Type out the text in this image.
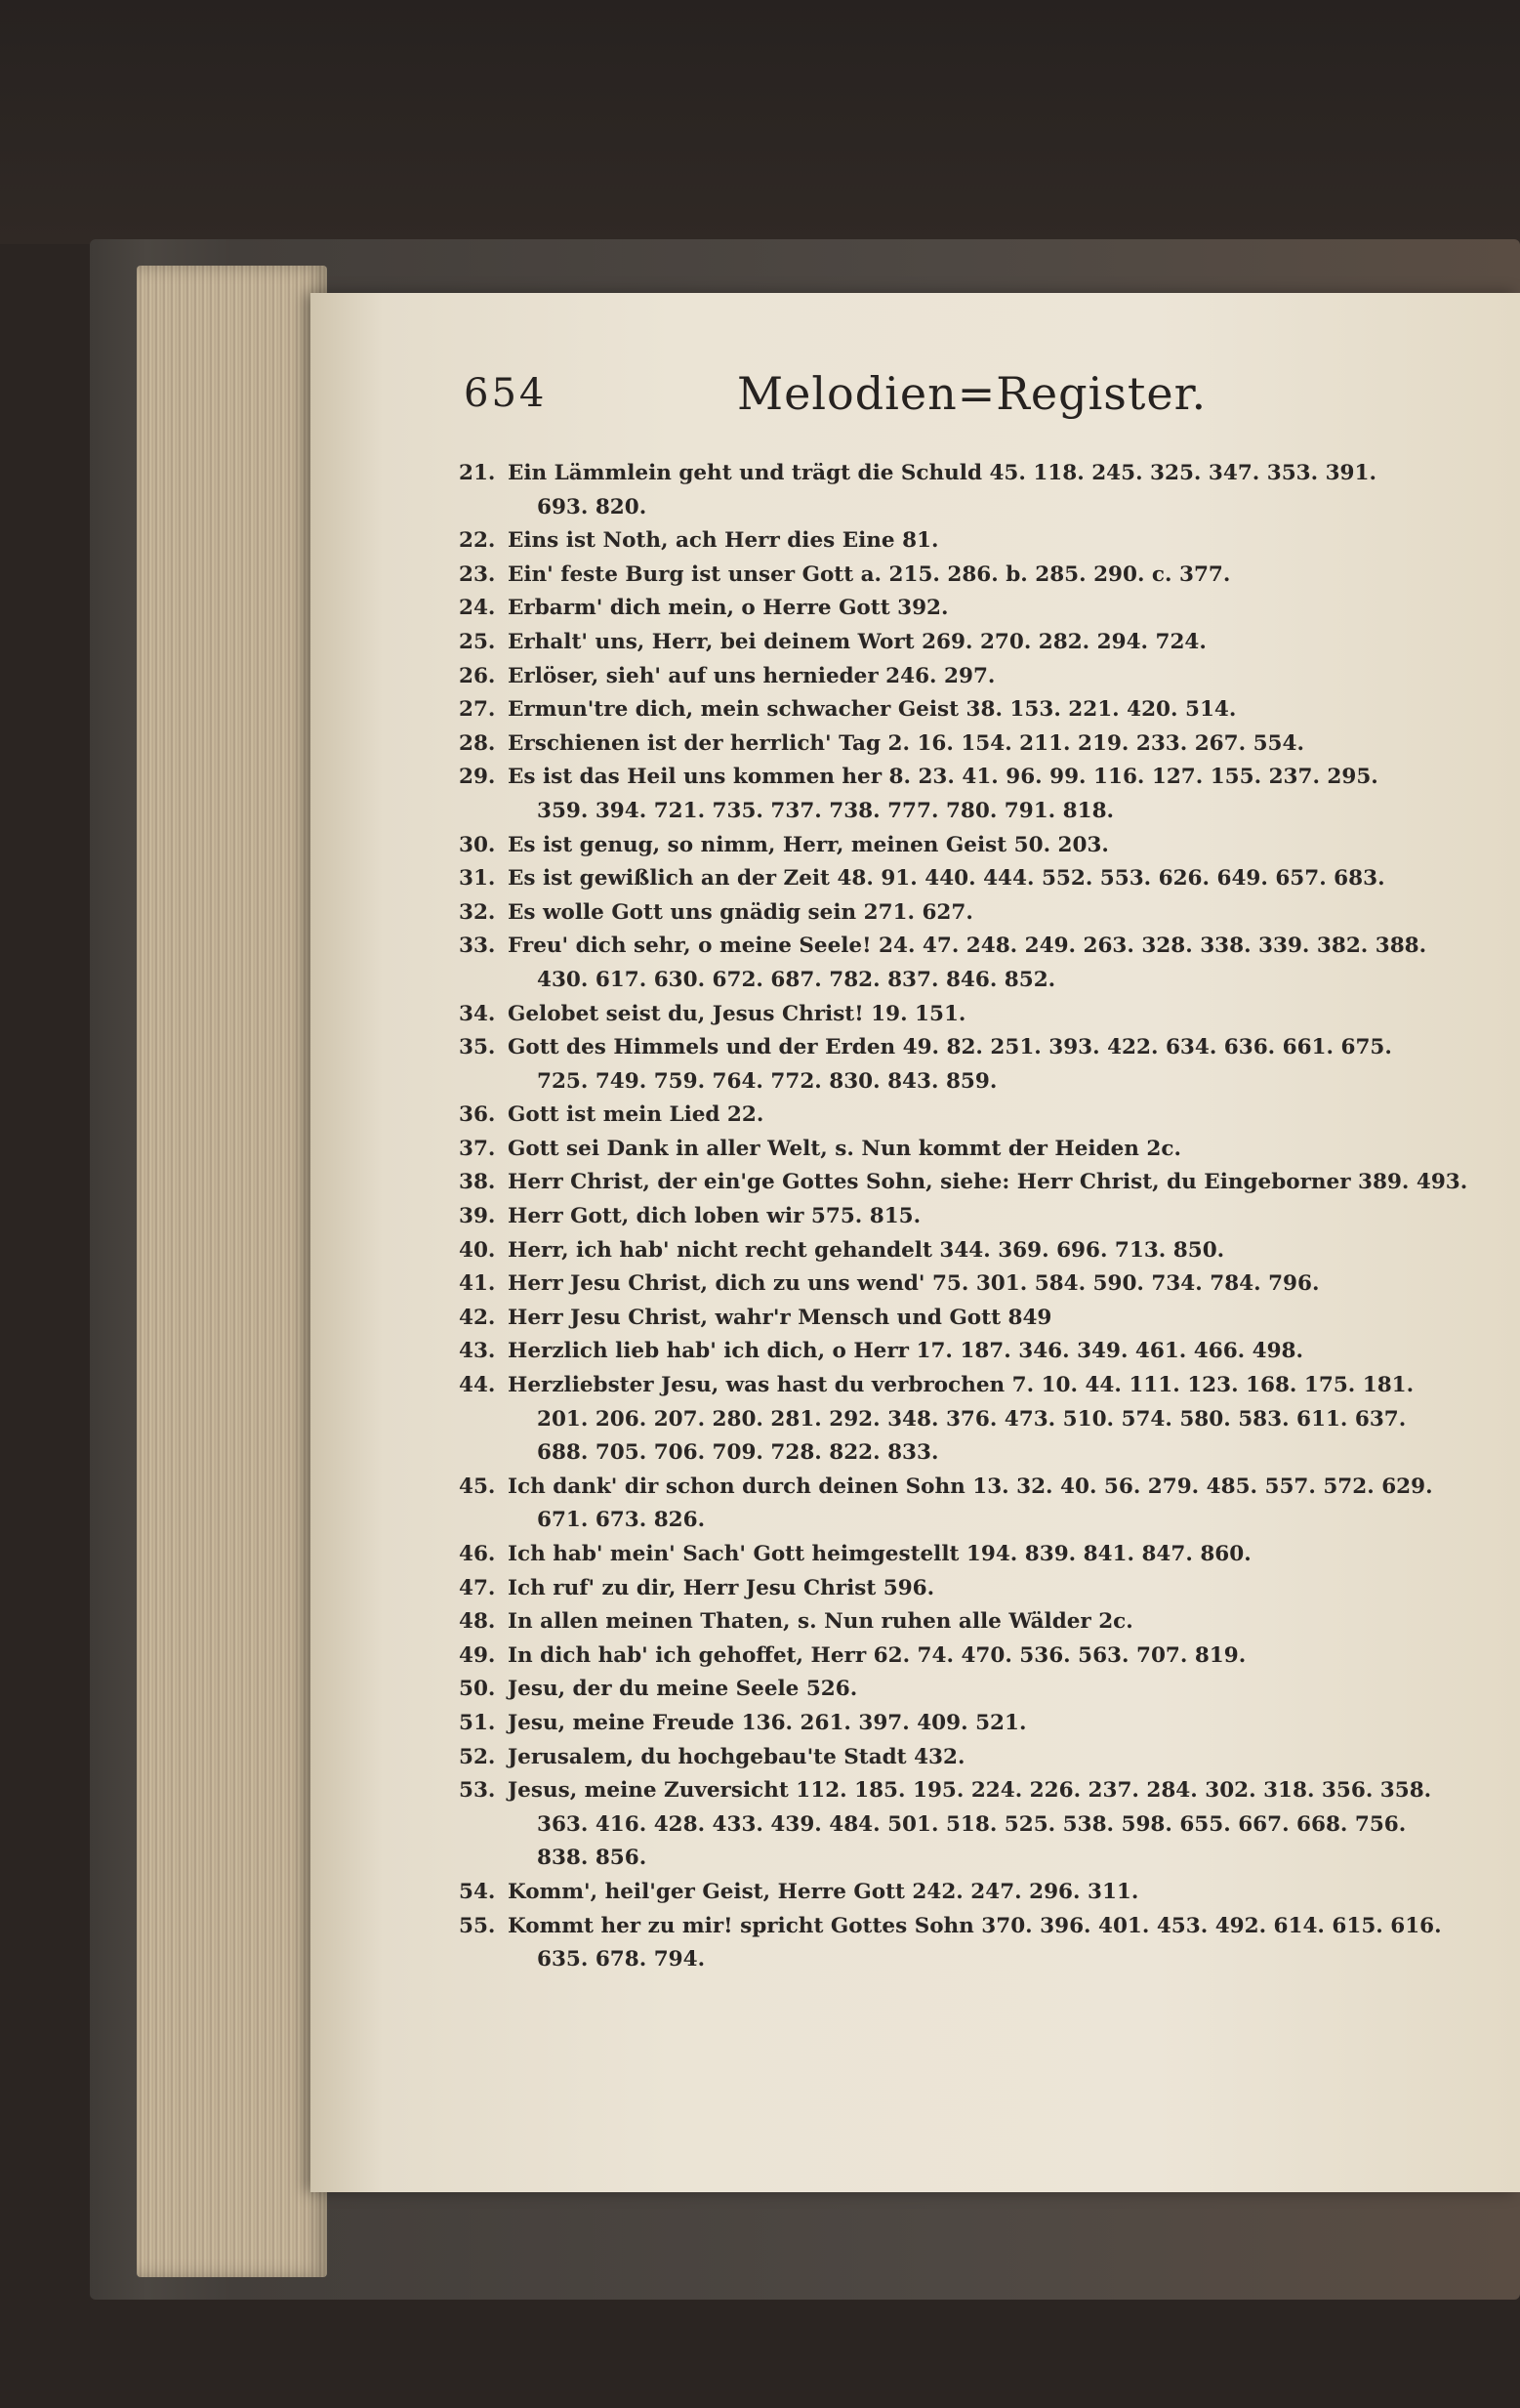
654	Melodien=Register.
21. Ein Lämmlein geht und trägt die Schuld 45. 118. 245. 325. 347. 353. 391.
693. 820.
22. Eins ist Noth, ach Herr dies Eine 81.
23. Ein' feste Burg ist unser Gott a. 215. 286. b. 285. 290. c. 377.
24. Erbarm' dich mein, o Herre Gott 392.
25. Erhalt' uns, Herr, bei deinem Wort 269. 270. 282. 294. 724.
26. Erlöser, sieh' auf uns hernieder 246. 297.
27. Ermun'tre dich, mein schwacher Geist 38. 153. 221. 420. 514.
28. Erschienen ist der herrlich' Tag 2. 16. 154. 211. 219. 233. 267. 554.
29. Es ist das Heil uns kommen her 8. 23. 41. 96. 99. 116. 127. 155. 237. 295.
359. 394. 721. 735. 737. 738. 777. 780. 791. 818.
30. Es ist genug, so nimm, Herr, meinen Geist 50. 203.
31. Es ist gewißlich an der Zeit 48. 91. 440. 444. 552. 553. 626. 649. 657. 683.
32. Es wolle Gott uns gnädig sein 271. 627.
33. Freu' dich sehr, o meine Seele! 24. 47. 248. 249. 263. 328. 338. 339. 382. 388.
430. 617. 630. 672. 687. 782. 837. 846. 852.
34. Gelobet seist du, Jesus Christ! 19. 151.
35. Gott des Himmels und der Erden 49. 82. 251. 393. 422. 634. 636. 661. 675.
725. 749. 759. 764. 772. 830. 843. 859.
36. Gott ist mein Lied 22.
37. Gott sei Dank in aller Welt, s. Nun kommt der Heiden 2c.
38. Herr Christ, der ein'ge Gottes Sohn, siehe: Herr Christ, du Eingeborner 389. 493.
39. Herr Gott, dich loben wir 575. 815.
40. Herr, ich hab' nicht recht gehandelt 344. 369. 696. 713. 850.
41. Herr Jesu Christ, dich zu uns wend' 75. 301. 584. 590. 734. 784. 796.
42. Herr Jesu Christ, wahr'r Mensch und Gott 849
43. Herzlich lieb hab' ich dich, o Herr 17. 187. 346. 349. 461. 466. 498.
44. Herzliebster Jesu, was hast du verbrochen 7. 10. 44. 111. 123. 168. 175. 181.
201. 206. 207. 280. 281. 292. 348. 376. 473. 510. 574. 580. 583. 611. 637.
688. 705. 706. 709. 728. 822. 833.
45. Ich dank' dir schon durch deinen Sohn 13. 32. 40. 56. 279. 485. 557. 572. 629.
671. 673. 826.
46. Ich hab' mein' Sach' Gott heimgestellt 194. 839. 841. 847. 860.
47. Ich ruf' zu dir, Herr Jesu Christ 596.
48. In allen meinen Thaten, s. Nun ruhen alle Wälder 2c.
49. In dich hab' ich gehoffet, Herr 62. 74. 470. 536. 563. 707. 819.
50. Jesu, der du meine Seele 526.
51. Jesu, meine Freude 136. 261. 397. 409. 521.
52. Jerusalem, du hochgebau'te Stadt 432.
53. Jesus, meine Zuversicht 112. 185. 195. 224. 226. 237. 284. 302. 318. 356. 358.
363. 416. 428. 433. 439. 484. 501. 518. 525. 538. 598. 655. 667. 668. 756.
838. 856.
54. Komm', heil'ger Geist, Herre Gott 242. 247. 296. 311.
55. Kommt her zu mir! spricht Gottes Sohn 370. 396. 401. 453. 492. 614. 615. 616.
635. 678. 794.
